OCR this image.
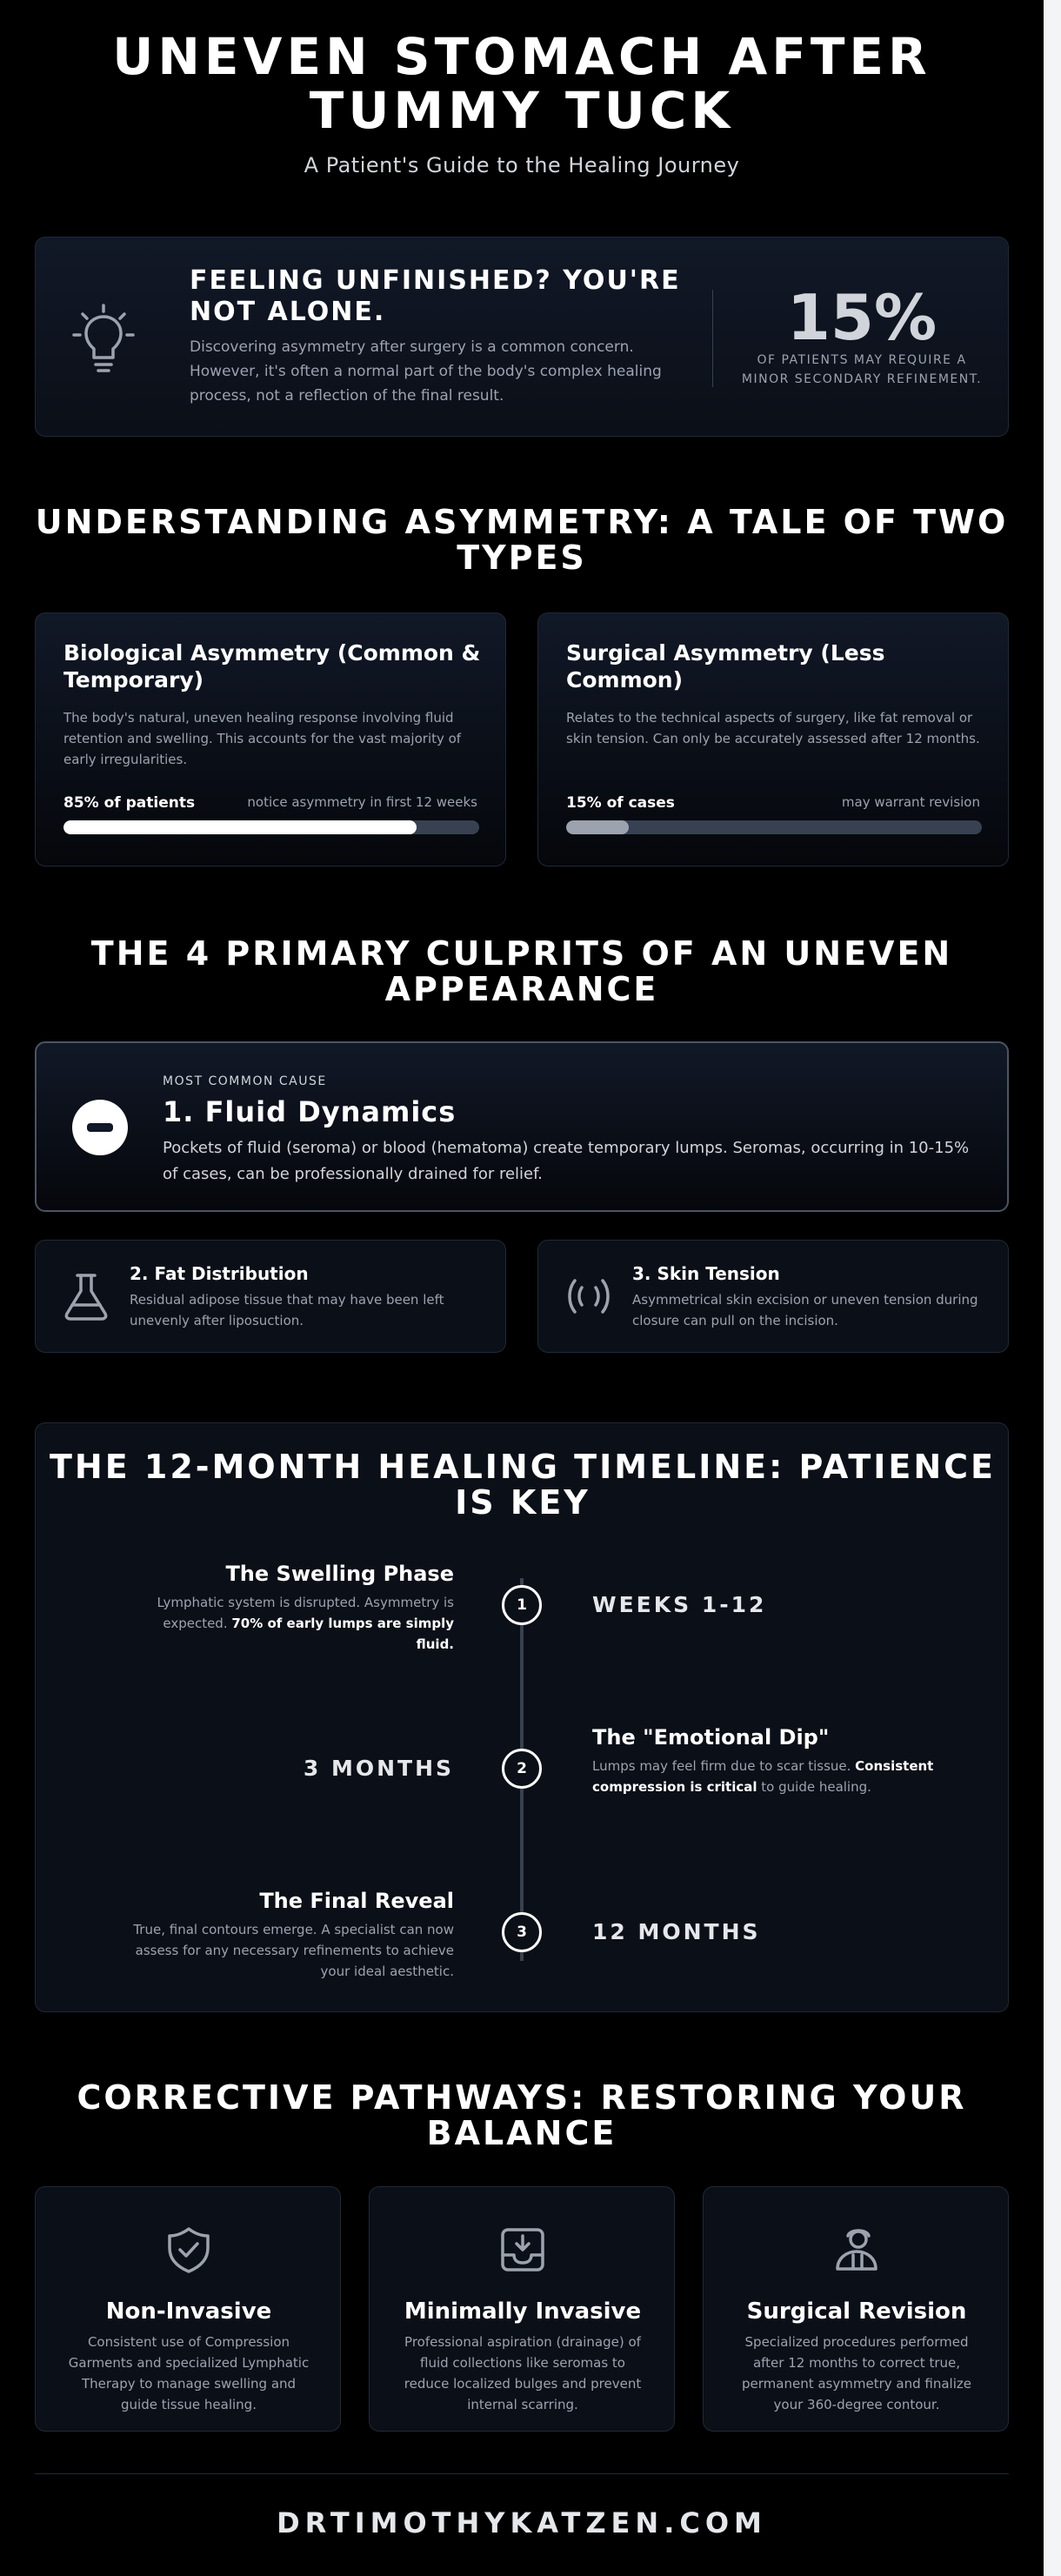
UNEVEN STOMACH AFTER TUMMY TUCK
A Patient's Guide to the Healing Journey
FEELING UNFINISHED? YOU'RE NOT ALONE.
Discovering asymmetry after surgery is a common concern. However, it's often a normal part of the body's complex healing process, not a reflection of the final result.
15%
OF PATIENTS MAY REQUIRE A MINOR SECONDARY REFINEMENT.
UNDERSTANDING ASYMMETRY: A TALE OF TWO TYPES
Biological Asymmetry (Common & Temporary)
The body's natural, uneven healing response involving fluid retention and swelling. This accounts for the vast majority of early irregularities.
85% of patients	notice asymmetry in first 12 weeks
Surgical Asymmetry (Less Common)
Relates to the technical aspects of surgery, like fat removal or skin tension. Can only be accurately assessed after 12 months.
15% of cases	may warrant revision
THE 4 PRIMARY CULPRITS OF AN UNEVEN APPEARANCE
MOST COMMON CAUSE
1. Fluid Dynamics
Pockets of fluid (seroma) or blood (hematoma) create temporary lumps. Seromas, occurring in 10-15% of cases, can be professionally drained for relief.
2. Fat Distribution
Residual adipose tissue that may have been left unevenly after liposuction.
3. Skin Tension
Asymmetrical skin excision or uneven tension during closure can pull on the incision.
THE 12-MONTH HEALING TIMELINE: PATIENCE IS KEY
The Swelling Phase
Lymphatic system is disrupted. Asymmetry is expected. 70% of early lumps are simply fluid.
1	WEEKS 1-12
3 MONTHS	2
The "Emotional Dip"
Lumps may feel firm due to scar tissue. Consistent compression is critical to guide healing.
The Final Reveal
True, final contours emerge. A specialist can now assess for any necessary refinements to achieve your ideal aesthetic.
3	12 MONTHS
CORRECTIVE PATHWAYS: RESTORING YOUR BALANCE
Non-Invasive
Consistent use of Compression Garments and specialized Lymphatic Therapy to manage swelling and guide tissue healing.
Minimally Invasive
Professional aspiration (drainage) of fluid collections like seromas to reduce localized bulges and prevent internal scarring.
Surgical Revision
Specialized procedures performed after 12 months to correct true, permanent asymmetry and finalize your 360-degree contour.
DRTIMOTHYKATZEN.COM
